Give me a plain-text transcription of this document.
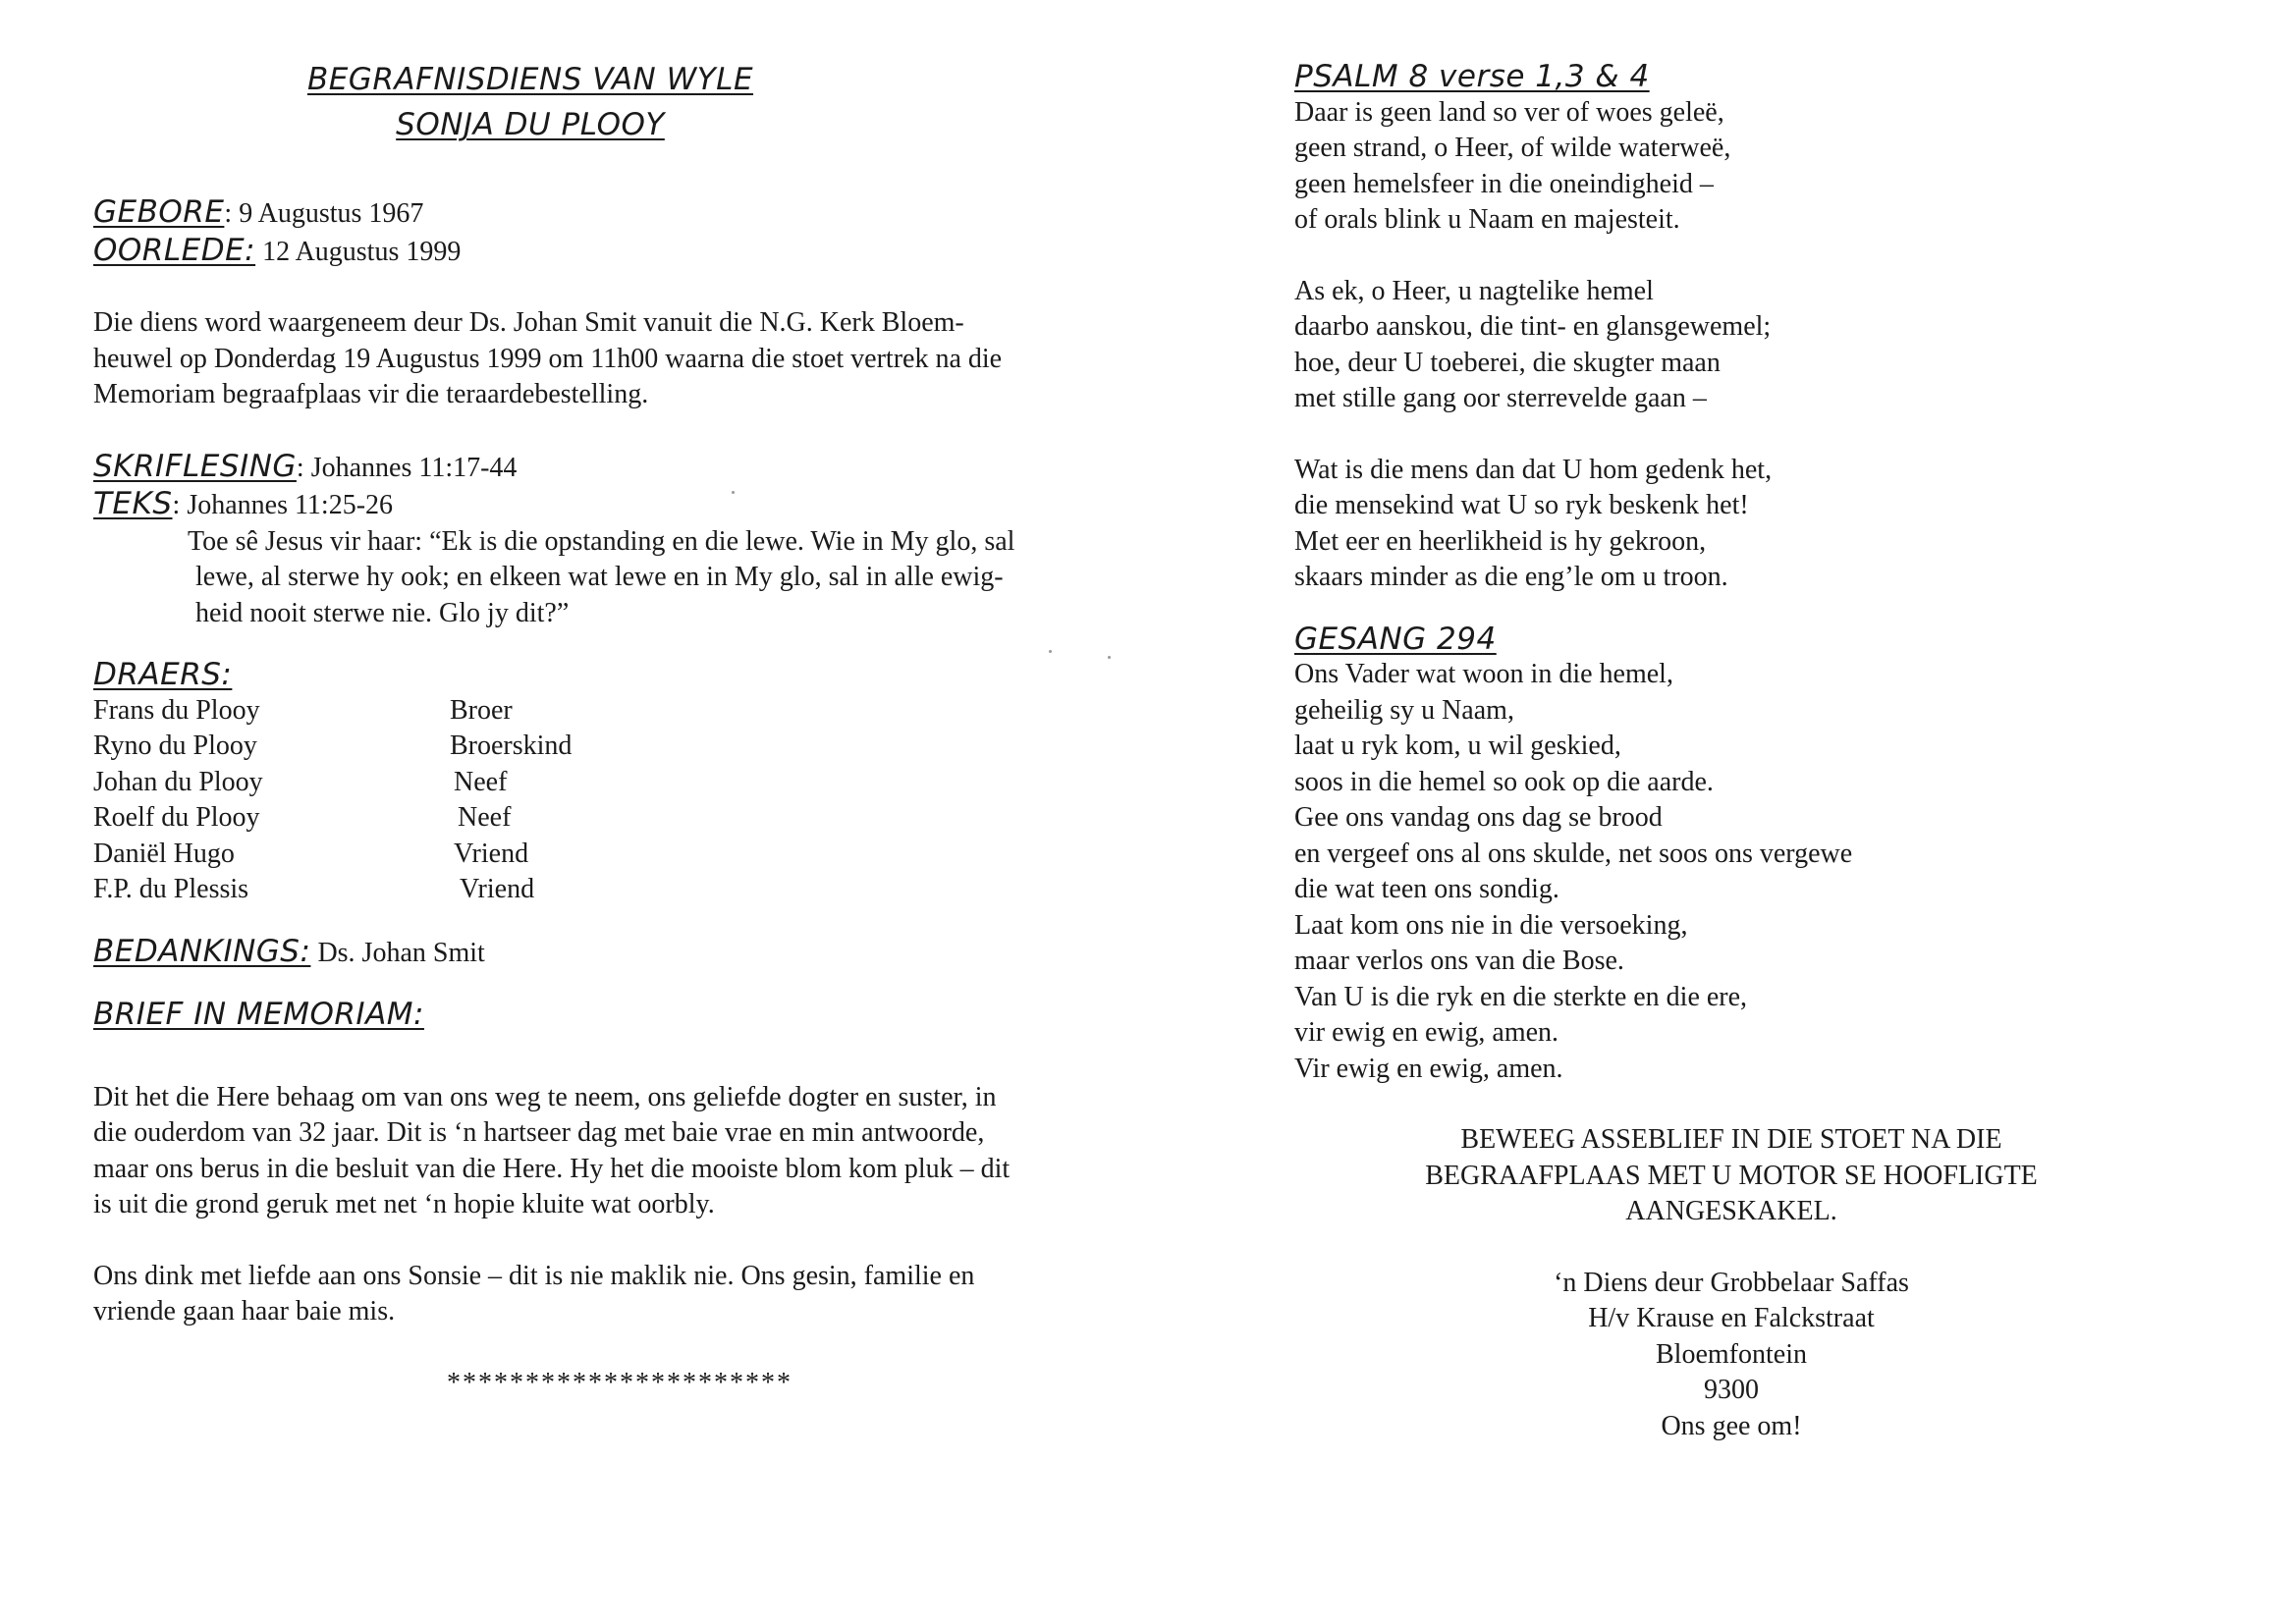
BEGRAFNISDIENS VAN WYLE
SONJA DU PLOOY
GEBORE: 9 Augustus 1967
OORLEDE: 12 Augustus 1999
Die diens word waargeneem deur Ds. Johan Smit vanuit die N.G. Kerk Bloem-
heuwel op Donderdag 19 Augustus 1999 om 11h00 waarna die stoet vertrek na die
Memoriam begraafplaas vir die teraardebestelling.
SKRIFLESING: Johannes 11:17-44
TEKS: Johannes 11:25-26
Toe sê Jesus vir haar: “Ek is die opstanding en die lewe. Wie in My glo, sal
lewe, al sterwe hy ook; en elkeen wat lewe en in My glo, sal in alle ewig-
heid nooit sterwe nie. Glo jy dit?”
DRAERS:
Frans du Plooy	Broer
Ryno du Plooy	Broerskind
Johan du Plooy	Neef
Roelf du Plooy	Neef
Daniël Hugo	Vriend
F.P. du Plessis	Vriend
BEDANKINGS: Ds. Johan Smit
BRIEF IN MEMORIAM:
Dit het die Here behaag om van ons weg te neem, ons geliefde dogter en suster, in
die ouderdom van 32 jaar. Dit is ‘n hartseer dag met baie vrae en min antwoorde,
maar ons berus in die besluit van die Here. Hy het die mooiste blom kom pluk – dit
is uit die grond geruk met net ‘n hopie kluite wat oorbly.
Ons dink met liefde aan ons Sonsie – dit is nie maklik nie. Ons gesin, familie en
vriende gaan haar baie mis.
**********************
PSALM 8 verse 1,3 & 4
Daar is geen land so ver of woes geleë,
geen strand, o Heer, of wilde waterweë,
geen hemelsfeer in die oneindigheid –
of orals blink u Naam en majesteit.
As ek, o Heer, u nagtelike hemel
daarbo aanskou, die tint- en glansgewemel;
hoe, deur U toeberei, die skugter maan
met stille gang oor sterrevelde gaan –
Wat is die mens dan dat U hom gedenk het,
die mensekind wat U so ryk beskenk het!
Met eer en heerlikheid is hy gekroon,
skaars minder as die eng’le om u troon.
GESANG 294
Ons Vader wat woon in die hemel,
geheilig sy u Naam,
laat u ryk kom, u wil geskied,
soos in die hemel so ook op die aarde.
Gee ons vandag ons dag se brood
en vergeef ons al ons skulde, net soos ons vergewe
die wat teen ons sondig.
Laat kom ons nie in die versoeking,
maar verlos ons van die Bose.
Van U is die ryk en die sterkte en die ere,
vir ewig en ewig, amen.
Vir ewig en ewig, amen.
BEWEEG ASSEBLIEF IN DIE STOET NA DIE
BEGRAAFPLAAS MET U MOTOR SE HOOFLIGTE
AANGESKAKEL.
‘n Diens deur Grobbelaar Saffas
H/v Krause en Falckstraat
Bloemfontein
9300
Ons gee om!
